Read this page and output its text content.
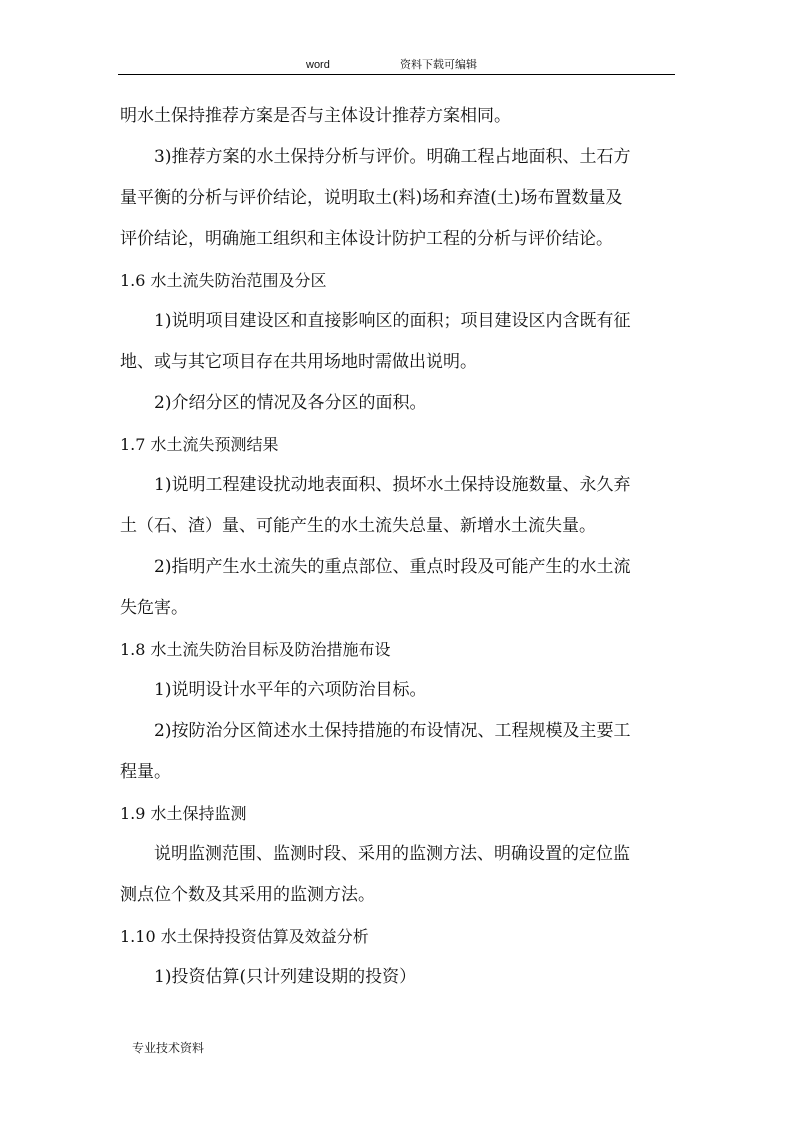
word	资料下载可编辑
明水土保持推荐方案是否与主体设计推荐方案相同。
3)推荐方案的水土保持分析与评价。明确工程占地面积、土石方
量平衡的分析与评价结论，说明取土(料)场和弃渣(土)场布置数量及
评价结论，明确施工组织和主体设计防护工程的分析与评价结论。
1.6 水土流失防治范围及分区
1)说明项目建设区和直接影响区的面积；项目建设区内含既有征
地、或与其它项目存在共用场地时需做出说明。
2)介绍分区的情况及各分区的面积。
1.7 水土流失预测结果
1)说明工程建设扰动地表面积、损坏水土保持设施数量、永久弃
土（石、渣）量、可能产生的水土流失总量、新增水土流失量。
2)指明产生水土流失的重点部位、重点时段及可能产生的水土流
失危害。
1.8 水土流失防治目标及防治措施布设
1)说明设计水平年的六项防治目标。
2)按防治分区简述水土保持措施的布设情况、工程规模及主要工
程量。
1.9 水土保持监测
说明监测范围、监测时段、采用的监测方法、明确设置的定位监
测点位个数及其采用的监测方法。
1.10 水土保持投资估算及效益分析
1)投资估算(只计列建设期的投资）
专业技术资料
